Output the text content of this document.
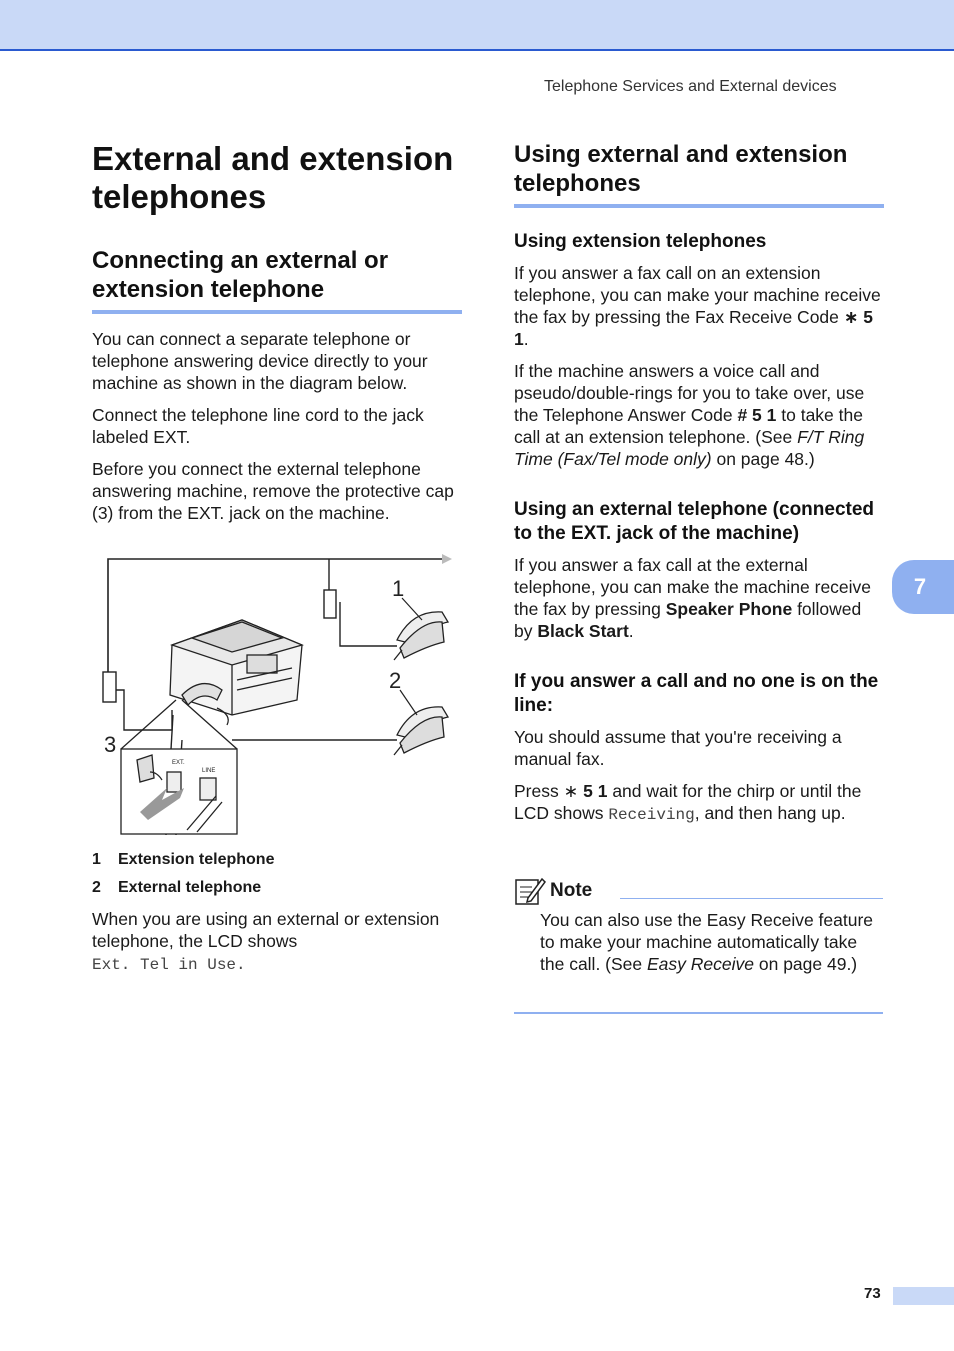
Telephone Services and External devices
External and extension telephones
Connecting an external or extension telephone

You can connect a separate telephone or telephone answering device directly to your machine as shown in the diagram below.

Connect the telephone line cord to the jack labeled EXT.

Before you connect the external telephone answering machine, remove the protective cap (3) from the EXT. jack on the machine.

1
2
3
EXT.
LINE
1 Extension telephone
2 External telephone

When you are using an external or extension telephone, the LCD shows
Ext. Tel in Use.

Using external and extension telephones
Using extension telephones

If you answer a fax call on an extension telephone, you can make your machine receive the fax by pressing the Fax Receive Code ∗ 5 1.

If the machine answers a voice call and pseudo/double-rings for you to take over, use the Telephone Answer Code # 5 1 to take the call at an extension telephone. (See F/T Ring Time (Fax/Tel mode only) on page 48.)

Using an external telephone (connected to the EXT. jack of the machine)

If you answer a fax call at the external telephone, you can make the machine receive the fax by pressing Speaker Phone followed by Black Start.

If you answer a call and no one is on the line:

You should assume that you're receiving a manual fax.

Press ∗ 5 1 and wait for the chirp or until the LCD shows Receiving, and then hang up.

Note

You can also use the Easy Receive feature to make your machine automatically take the call. (See Easy Receive on page 49.)

7
73
